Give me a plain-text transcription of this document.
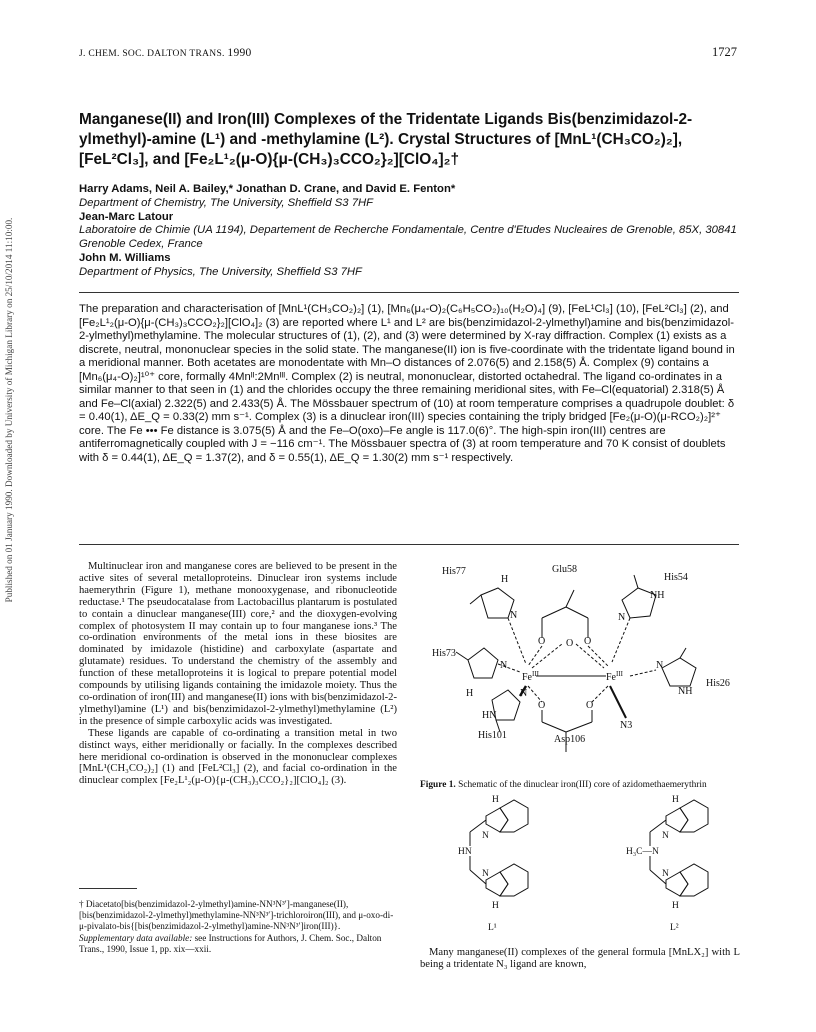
Published on 01 January 1990. Downloaded by University of Michigan Library on 25/10/2014 11:10:00.
J. CHEM. SOC. DALTON TRANS. 1990	1727
Manganese(II) and Iron(III) Complexes of the Tridentate Ligands Bis(benzimidazol-2-ylmethyl)-amine (L¹) and -methylamine (L²). Crystal Structures of [MnL¹(CH₃CO₂)₂], [FeL²Cl₃], and [Fe₂L¹₂(μ-O){μ-(CH₃)₃CCO₂}₂][ClO₄]₂†
Harry Adams, Neil A. Bailey,* Jonathan D. Crane, and David E. Fenton*
Department of Chemistry, The University, Sheffield S3 7HF
Jean-Marc Latour
Laboratoire de Chimie (UA 1194), Departement de Recherche Fondamentale, Centre d'Etudes Nucleaires de Grenoble, 85X, 30841 Grenoble Cedex, France
John M. Williams
Department of Physics, The University, Sheffield S3 7HF
The preparation and characterisation of [MnL¹(CH₃CO₂)₂] (1), [Mn₆(μ₄-O)₂(C₆H₅CO₂)₁₀(H₂O)₄] (9), [FeL¹Cl₃] (10), [FeL²Cl₃] (2), and [Fe₂L¹₂(μ-O){μ-(CH₃)₃CCO₂}₂][ClO₄]₂ (3) are reported where L¹ and L² are bis(benzimidazol-2-ylmethyl)amine and bis(benzimidazol-2-ylmethyl)methylamine. The molecular structures of (1), (2), and (3) were determined by X-ray diffraction. Complex (1) exists as a discrete, neutral, mononuclear species in the solid state. The manganese(II) ion is five-coordinate with the tridentate ligand bound in a meridional manner. Both acetates are monodentate with Mn–O distances of 2.076(5) and 2.158(5) Å. Complex (9) contains a [Mn₆(μ₄-O)₂]¹⁰⁺ core, formally 4Mnᴵᴵ:2Mnᴵᴵᴵ. Complex (2) is neutral, mononuclear, distorted octahedral. The ligand co-ordinates in a similar manner to that seen in (1) and the chlorides occupy the three remaining meridional sites, with Fe–Cl(equatorial) 2.318(5) Å and Fe–Cl(axial) 2.322(5) and 2.433(5) Å. The Mössbauer spectrum of (10) at room temperature comprises a quadrupole doublet: δ = 0.40(1), ΔE_Q = 0.33(2) mm s⁻¹. Complex (3) is a dinuclear iron(III) species containing the triply bridged [Fe₂(μ-O)(μ-RCO₂)₂]²⁺ core. The Fe ••• Fe distance is 3.075(5) Å and the Fe–O(oxo)–Fe angle is 117.0(6)°. The high-spin iron(III) centres are antiferromagnetically coupled with J = −116 cm⁻¹. The Mössbauer spectra of (3) at room temperature and 70 K consist of doublets with δ = 0.44(1), ΔE_Q = 1.37(2), and δ = 0.55(1), ΔE_Q = 1.30(2) mm s⁻¹ respectively.

Multinuclear iron and manganese cores are believed to be present in the active sites of several metalloproteins. Dinuclear iron systems include haemerythrin (Figure 1), methane monooxygenase, and ribonucleotide reductase.¹ The pseudocatalase from Lactobacillus plantarum is postulated to contain a dinuclear manganese(III) core,² and the dioxygen-evolving complex of photosystem II may contain up to four manganese ions.³ The co-ordination environments of the metal ions in these biosites are dominated by imidazole (histidine) and carboxylate (aspartate and glutamate) residues. To understand the chemistry of the assembly and function of these metalloproteins it is logical to prepare potential model compounds by utilising ligands containing the imidazole moiety. Thus the co-ordination of iron(III) and manganese(II) ions with bis(benzimidazol-2-ylmethyl)amine (L¹) and bis(benzimidazol-2-ylmethyl)methylamine (L²) in the presence of simple carboxylic acids was investigated.

These ligands are capable of co-ordinating a transition metal in two distinct ways, either meridionally or facially. In the complexes described here meridional co-ordination is observed in the mononuclear complexes [MnL¹(CH₃CO₂)₂] (1) and [FeL²Cl₃] (2), and facial co-ordination in the dinuclear complex [Fe₂L¹₂(μ-O){μ-(CH₃)₃CCO₂}₂][ClO₄]₂ (3).

† Diacetato[bis(benzimidazol-2-ylmethyl)amine-NN³N³′]-manganese(II), [bis(benzimidazol-2-ylmethyl)methylamine-NN³N³′]-trichloroiron(III), and μ-oxo-di-μ-pivalato-bis{[bis(benzimidazol-2-ylmethyl)amine-NN³N³′]iron(III)}.

Supplementary data available: see Instructions for Authors, J. Chem. Soc., Dalton Trans., 1990, Issue 1, pp. xix—xxii.

His77	Glu58
His54
H
N
NH
N
O	O
O
His73
N
H
$Fe^{III}$	$Fe^{III}$
N
NH
His26
O	O
N
HN
N3
His101	Asp106
Figure 1. Schematic of the dinuclear iron(III) core of azidomethaemerythrin
H
N
HN
N
H
H
N
H₃C—N
N
H
L¹	L²

Many manganese(II) complexes of the general formula [MnLX₂] with L being a tridentate N₃ ligand are known,
